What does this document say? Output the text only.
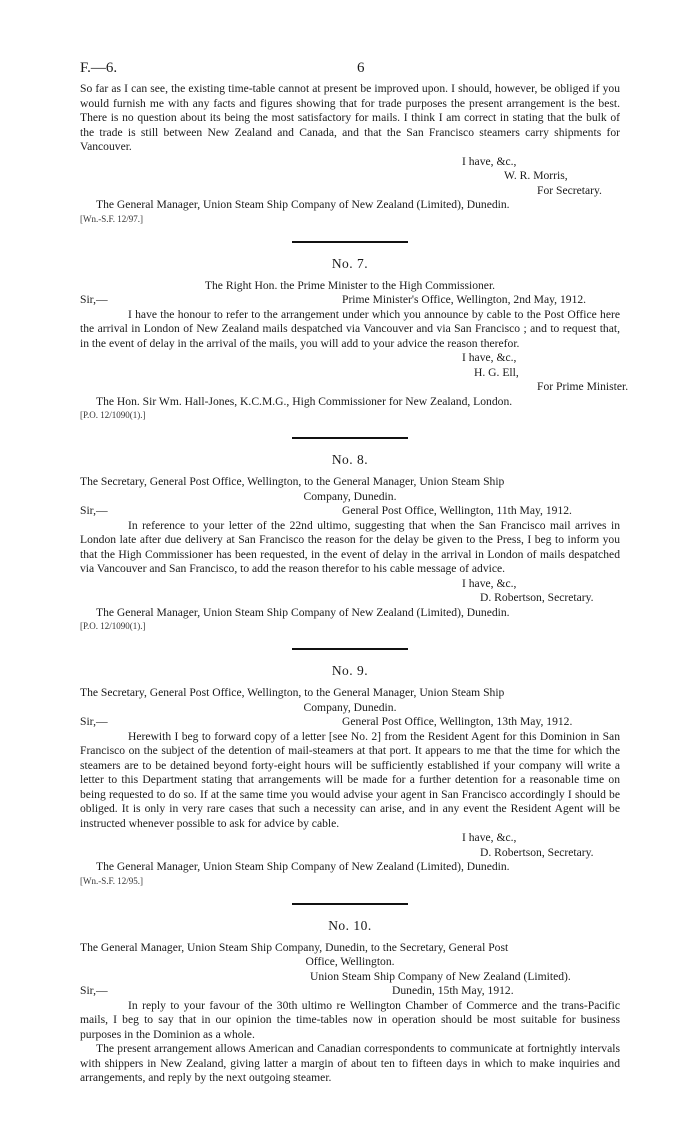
F.—6.	6

So far as I can see, the existing time-table cannot at present be improved upon. I should, however, be obliged if you would furnish me with any facts and figures showing that for trade purposes the present arrangement is the best. There is no question about its being the most satisfactory for mails. I think I am correct in stating that the bulk of the trade is still between New Zealand and Canada, and that the San Francisco steamers carry shipments for Vancouver.

I have, &c.,
W. R. Morris,
For Secretary.

The General Manager, Union Steam Ship Company of New Zealand (Limited), Dunedin.

[Wn.-S.F. 12/97.]

No. 7.

The Right Hon. the Prime Minister to the High Commissioner.

Sir,—	Prime Minister's Office, Wellington, 2nd May, 1912.

I have the honour to refer to the arrangement under which you announce by cable to the Post Office here the arrival in London of New Zealand mails despatched via Vancouver and via San Francisco ; and to request that, in the event of delay in the arrival of the mails, you will add to your advice the reason therefor.

I have, &c.,
H. G. Ell,
For Prime Minister.

The Hon. Sir Wm. Hall-Jones, K.C.M.G., High Commissioner for New Zealand, London.

[P.O. 12/1090(1).]

No. 8.

The Secretary, General Post Office, Wellington, to the General Manager, Union Steam Ship
Company, Dunedin.

Sir,—	General Post Office, Wellington, 11th May, 1912.

In reference to your letter of the 22nd ultimo, suggesting that when the San Francisco mail arrives in London late after due delivery at San Francisco the reason for the delay be given to the Press, I beg to inform you that the High Commissioner has been requested, in the event of delay in the arrival in London of mails despatched via Vancouver and San Francisco, to add the reason therefor to his cable message of advice.

I have, &c.,
D. Robertson, Secretary.

The General Manager, Union Steam Ship Company of New Zealand (Limited), Dunedin.

[P.O. 12/1090(1).]

No. 9.

The Secretary, General Post Office, Wellington, to the General Manager, Union Steam Ship
Company, Dunedin.

Sir,—	General Post Office, Wellington, 13th May, 1912.

Herewith I beg to forward copy of a letter [see No. 2] from the Resident Agent for this Dominion in San Francisco on the subject of the detention of mail-steamers at that port. It appears to me that the time for which the steamers are to be detained beyond forty-eight hours will be sufficiently established if your company will write a letter to this Department stating that arrangements will be made for a further detention for a reasonable time on being requested to do so. If at the same time you would advise your agent in San Francisco accordingly I should be obliged. It is only in very rare cases that such a necessity can arise, and in any event the Resident Agent will be instructed whenever possible to ask for advice by cable.

I have, &c.,
D. Robertson, Secretary.

The General Manager, Union Steam Ship Company of New Zealand (Limited), Dunedin.

[Wn.-S.F. 12/95.]

No. 10.

The General Manager, Union Steam Ship Company, Dunedin, to the Secretary, General Post
Office, Wellington.

Union Steam Ship Company of New Zealand (Limited).
Sir,—	Dunedin, 15th May, 1912.

In reply to your favour of the 30th ultimo re Wellington Chamber of Commerce and the trans-Pacific mails, I beg to say that in our opinion the time-tables now in operation should be most suitable for business purposes in the Dominion as a whole.

The present arrangement allows American and Canadian correspondents to communicate at fortnightly intervals with shippers in New Zealand, giving latter a margin of about ten to fifteen days in which to make inquiries and arrangements, and reply by the next outgoing steamer.
